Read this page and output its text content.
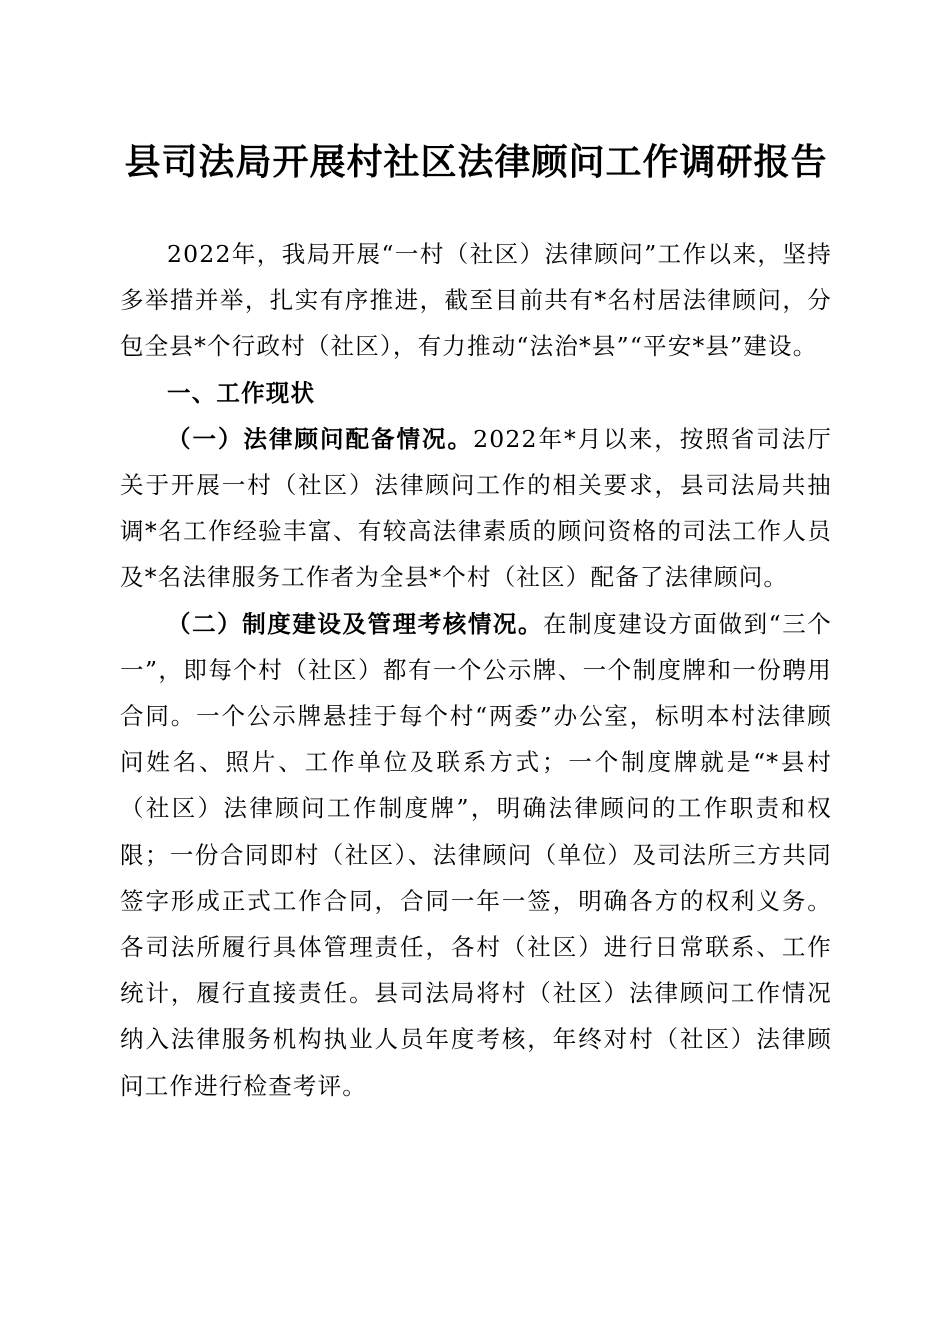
县司法局开展村社区法律顾问工作调研报告

2022年，我局开展“一村（社区）法律顾问”工作以来，坚持多举措并举，扎实有序推进，截至目前共有*名村居法律顾问，分包全县*个行政村（社区），有力推动“法治*县”“平安*县”建设。

一、工作现状

（一）法律顾问配备情况。2022年*月以来，按照省司法厅关于开展一村（社区）法律顾问工作的相关要求，县司法局共抽调*名工作经验丰富、有较高法律素质的顾问资格的司法工作人员及*名法律服务工作者为全县*个村（社区）配备了法律顾问。

（二）制度建设及管理考核情况。在制度建设方面做到“三个一”，即每个村（社区）都有一个公示牌、一个制度牌和一份聘用合同。一个公示牌悬挂于每个村“两委”办公室，标明本村法律顾问姓名、照片、工作单位及联系方式；一个制度牌就是“*县村（社区）法律顾问工作制度牌”，明确法律顾问的工作职责和权限；一份合同即村（社区）、法律顾问（单位）及司法所三方共同签字形成正式工作合同，合同一年一签，明确各方的权利义务。各司法所履行具体管理责任，各村（社区）进行日常联系、工作统计，履行直接责任。县司法局将村（社区）法律顾问工作情况纳入法律服务机构执业人员年度考核，年终对村（社区）法律顾问工作进行检查考评。
